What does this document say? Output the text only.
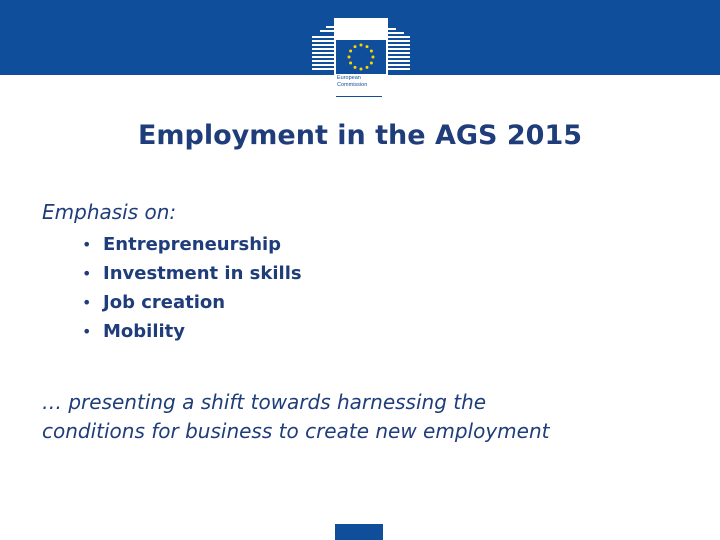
European
Commission
Employment in the AGS 2015
Emphasis on:
• Entrepreneurship
• Investment in skills
• Job creation
• Mobility
… presenting a shift towards harnessing the
conditions for business to create new employment
